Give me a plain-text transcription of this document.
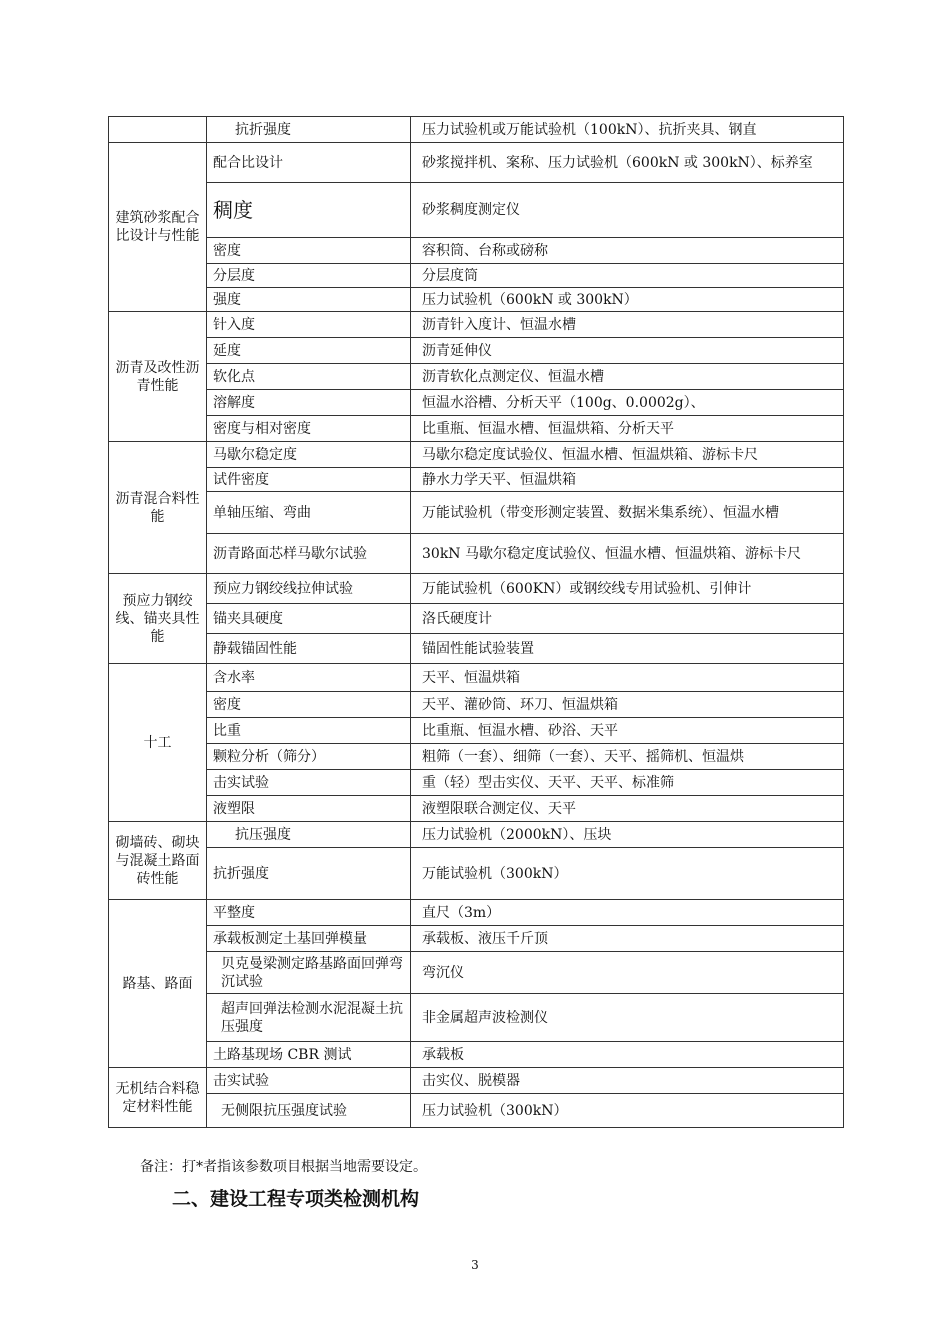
	抗折强度	压力试验机或万能试验机（100kN）、抗折夹具、钢直
建筑砂浆配合比设计与性能	配合比设计	砂浆搅拌机、案称、压力试验机（600kN 或 300kN）、标养室
	稠度	砂浆稠度测定仪
	密度	容积筒、台称或磅称
	分层度	分层度筒
	强度	压力试验机（600kN 或 300kN）
沥青及改性沥青性能	针入度	沥青针入度计、恒温水槽
	延度	沥青延伸仪
	软化点	沥青软化点测定仪、恒温水槽
	溶解度	恒温水浴槽、分析天平（100g、0.0002g）、
	密度与相对密度	比重瓶、恒温水槽、恒温烘箱、分析天平
沥青混合料性能	马歇尔稳定度	马歇尔稳定度试验仪、恒温水槽、恒温烘箱、游标卡尺
	试件密度	静水力学天平、恒温烘箱
	单轴压缩、弯曲	万能试验机（带变形测定装置、数据米集系统）、恒温水槽
	沥青路面芯样马歇尔试验	30kN 马歇尔稳定度试验仪、恒温水槽、恒温烘箱、游标卡尺
预应力钢绞线、锚夹具性能	预应力钢绞线拉伸试验	万能试验机（600KN）或钢绞线专用试验机、引伸计
	锚夹具硬度	洛氏硬度计
	静载锚固性能	锚固性能试验装置
十工	含水率	天平、恒温烘箱
	密度	天平、灌砂筒、环刀、恒温烘箱
	比重	比重瓶、恒温水槽、砂浴、天平
	颗粒分析（筛分）	粗筛（一套）、细筛（一套）、天平、摇筛机、恒温烘
	击实试验	重（轻）型击实仪、天平、天平、标准筛
	液塑限	液塑限联合测定仪、天平
砌墙砖、砌块与混凝土路面砖性能	抗压强度	压力试验机（2000kN）、压块
	抗折强度	万能试验机（300kN）
路基、路面	平整度	直尺（3m）
	承载板测定土基回弹模量	承载板、液压千斤顶
	贝克曼梁测定路基路面回弹弯沉试验	弯沉仪
	超声回弹法检测水泥混凝土抗压强度	非金属超声波检测仪
	土路基现场 CBR 测试	承载板
无机结合料稳定材料性能	击实试验	击实仪、脱模器
	无侧限抗压强度试验	压力试验机（300kN）
备注：打*者指该参数项目根据当地需要设定。
二、建设工程专项类检测机构
3
